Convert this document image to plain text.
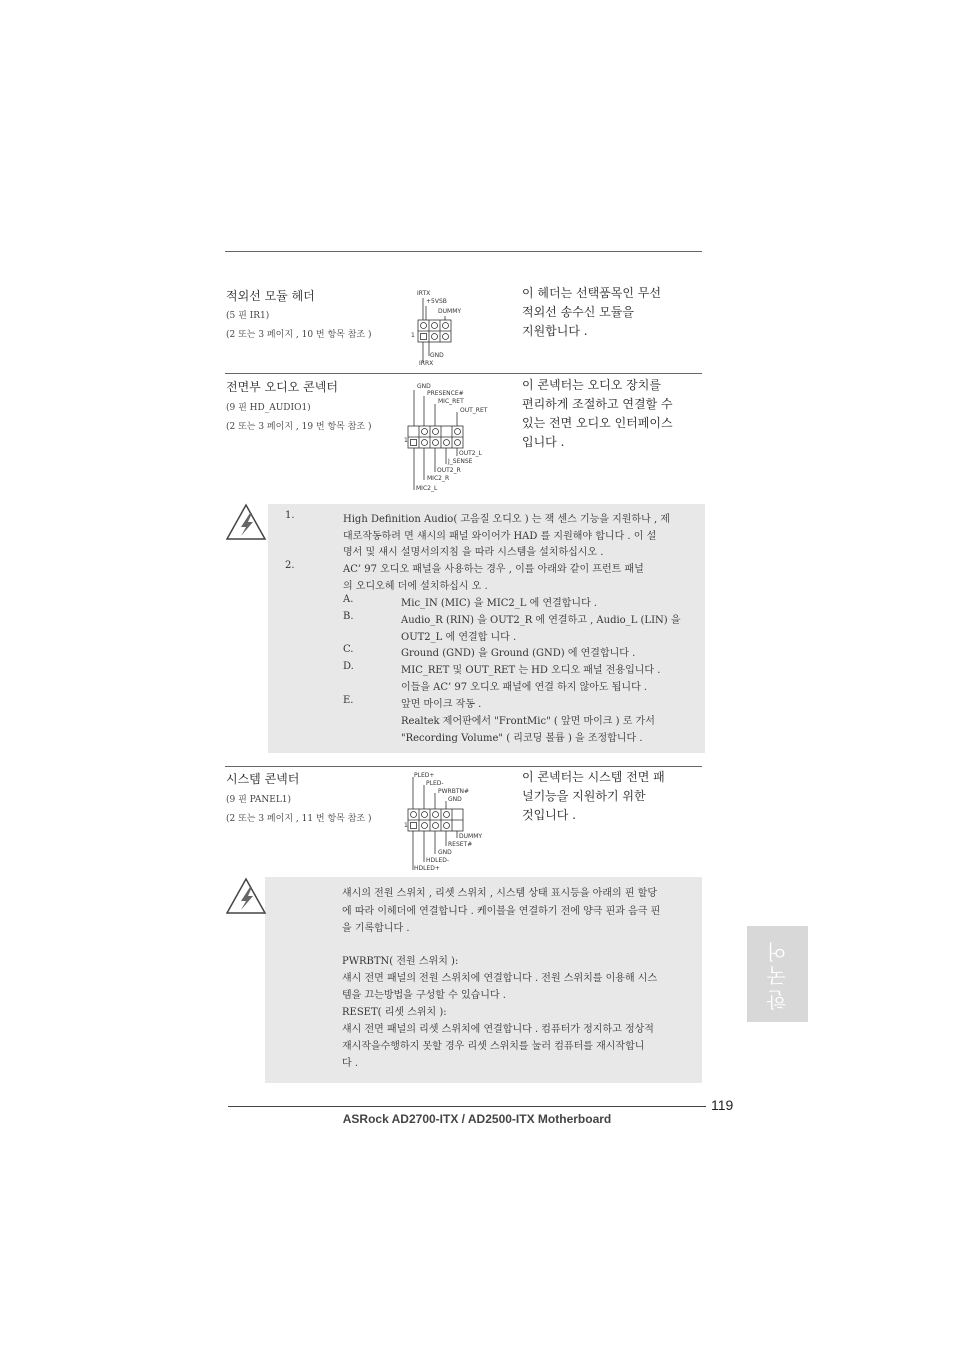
적외선 모듈 헤더
(5 핀 IR1)
(2 또는 3 페이지 , 10 번 항목 참조 )
이 헤더는 선택품목인 무선
적외선 송수신 모듈을
지원합니다 .
IRTX
+5VSB
DUMMY
1
GND
IRRX
전면부 오디오 콘넥터
(9 핀 HD_AUDIO1)
(2 또는 3 페이지 , 19 번 항목 참조 )
이 콘넥터는 오디오 장치를
편리하게 조절하고 연결할 수
있는 전면 오디오 인터페이스
입니다 .
GND
PRESENCE#
MIC_RET
OUT_RET
1
OUT2_L
J_SENSE
OUT2_R
MIC2_R
MIC2_L
1.	High Definition Audio( 고음질 오디오 ) 는 잭 센스 기능을 지원하나 , 제
대로작동하려 면 섀시의 패널 와이어가 HAD 를 지원해야 합니다 . 이 설
명서 및 섀시 설명서의지침 을 따라 시스템을 설치하십시오 .
2.	AC’ 97 오디오 패널을 사용하는 경우 , 이를 아래와 같이 프런트 패널
의 오디오헤 더에 설치하십시 오 .
A.	Mic_IN (MIC) 을 MIC2_L 에 연결합니다 .
B.	Audio_R (RIN) 을 OUT2_R 에 연결하고 , Audio_L (LIN) 을
OUT2_L 에 연결합 니다 .
C.	Ground (GND) 을 Ground (GND) 에 연결합니다 .
D.	MIC_RET 및 OUT_RET 는 HD 오디오 패널 전용입니다 .
이들을 AC’ 97 오디오 패널에 연결 하지 않아도 됩니다 .
E.	앞면 마이크 작동 .
Realtek 제어판에서 "FrontMic" ( 앞면 마이크 ) 로 가서
"Recording Volume" ( 리코딩 볼륨 ) 을 조정합니다 .
시스템 콘넥터
(9 핀 PANEL1)
(2 또는 3 페이지 , 11 번 항목 참조 )
이 콘넥터는 시스템 전면 패
널기능을 지원하기 위한
것입니다 .
PLED+
PLED-
PWRBTN#
GND
1
DUMMY
RESET#
GND
HDLED-
HDLED+
섀시의 전원 스위치 , 리셋 스위치 , 시스템 상태 표시등을 아래의 핀 할당
에 따라 이헤더에 연결합니다 . 케이블을 연결하기 전에 양극 핀과 음극 핀
을 기록합니다 .
PWRBTN( 전원 스위치 ):
섀시 전면 패널의 전원 스위치에 연결합니다 . 전원 스위치를 이용해 시스
템을 끄는방법을 구성할 수 있습니다 .
RESET( 리셋 스위치 ):
섀시 전면 패널의 리셋 스위치에 연결합니다 . 컴퓨터가 정지하고 정상적
재시작을수행하지 못할 경우 리셋 스위치를 눌러 컴퓨터를 재시작합니
다 .
한국어
119
ASRock AD2700-ITX / AD2500-ITX Motherboard
